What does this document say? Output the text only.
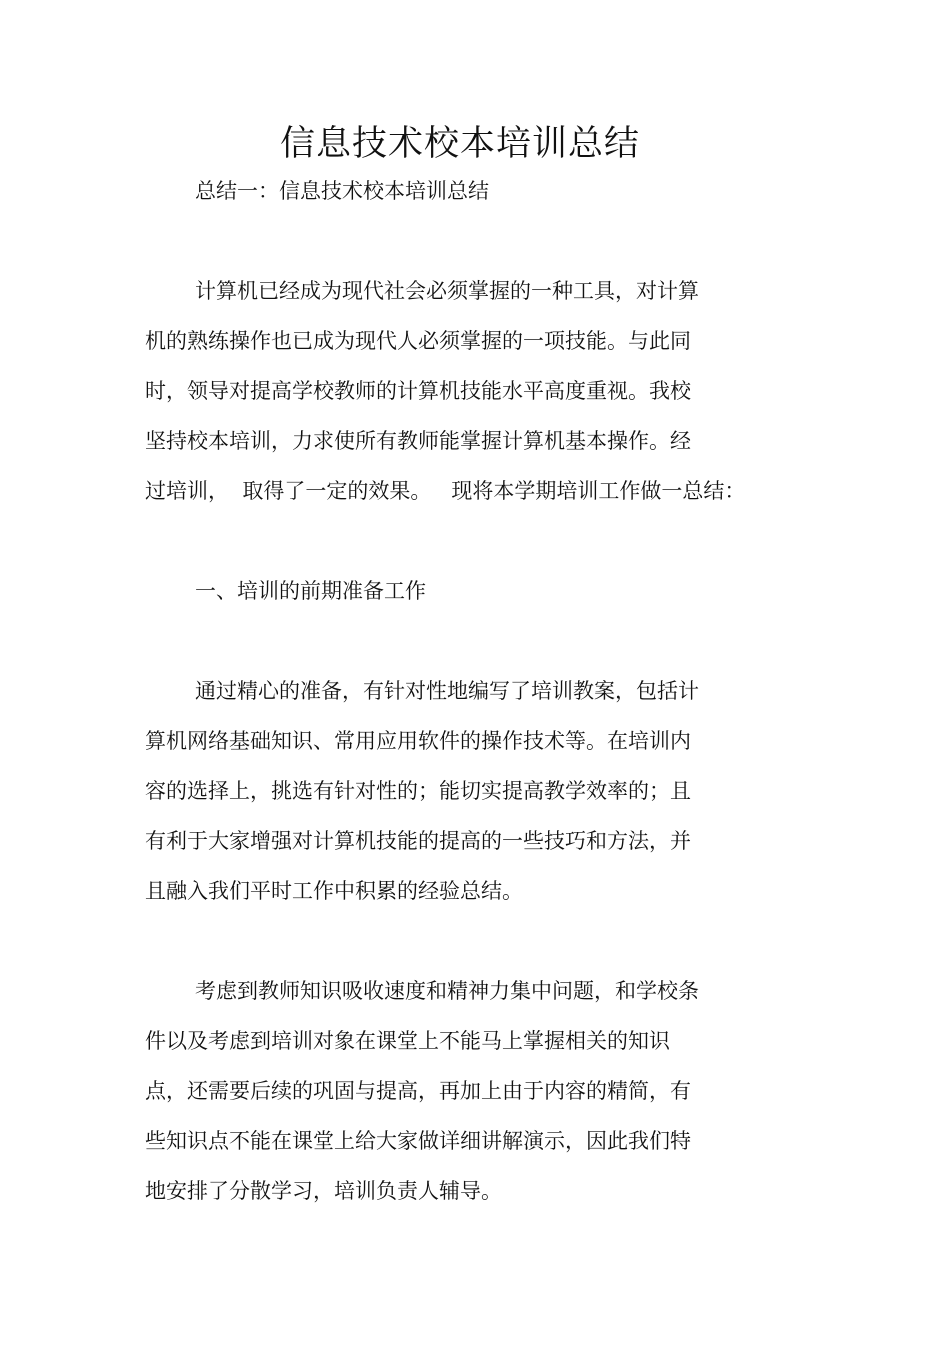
信息技术校本培训总结

总结一：信息技术校本培训总结

计算机已经成为现代社会必须掌握的一种工具，对计算

机的熟练操作也已成为现代人必须掌握的一项技能。与此同

时，领导对提高学校教师的计算机技能水平高度重视。我校

坚持校本培训，力求使所有教师能掌握计算机基本操作。经

过培训，  取得了一定的效果。   现将本学期培训工作做一总结：

一、培训的前期准备工作

通过精心的准备，有针对性地编写了培训教案，包括计

算机网络基础知识、常用应用软件的操作技术等。在培训内

容的选择上，挑选有针对性的；能切实提高教学效率的；且

有利于大家增强对计算机技能的提高的一些技巧和方法，并

且融入我们平时工作中积累的经验总结。

考虑到教师知识吸收速度和精神力集中问题，和学校条

件以及考虑到培训对象在课堂上不能马上掌握相关的知识

点，还需要后续的巩固与提高，再加上由于内容的精简，有

些知识点不能在课堂上给大家做详细讲解演示，因此我们特

地安排了分散学习，培训负责人辅导。
